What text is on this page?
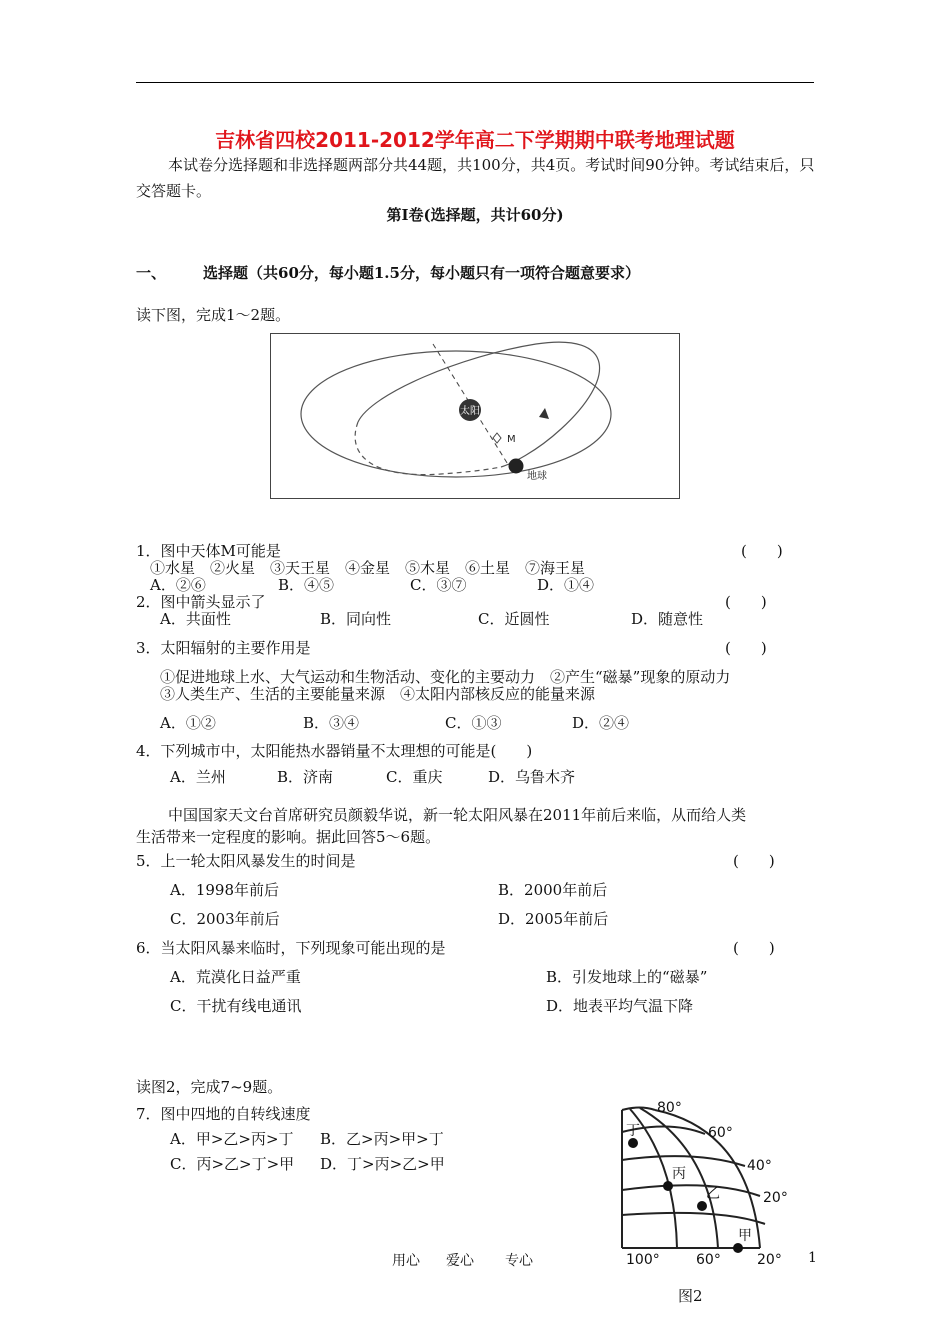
吉林省四校2011-2012学年高二下学期期中联考地理试题
本试卷分选择题和非选择题两部分共44题，共100分，共4页。考试时间90分钟。考试结束后，只交答题卡。
第Ⅰ卷(选择题，共计60分)
一、 选择题（共60分，每小题1.5分，每小题只有一项符合题意要求）
读下图，完成1～2题。
太阳
M
地球
1．图中天体M可能是	(　　)
①水星　②火星　③天王星　④金星　⑤木星　⑥土星　⑦海王星
A．②⑥	B．④⑤	C．③⑦	D．①④
2．图中箭头显示了	(　　)
A．共面性	B．同向性	C．近圆性	D．随意性
3．太阳辐射的主要作用是	(　　)
①促进地球上水、大气运动和生物活动、变化的主要动力　②产生“磁暴”现象的原动力
③人类生产、生活的主要能量来源　④太阳内部核反应的能量来源
A．①②	B．③④	C．①③	D．②④
4．下列城市中，太阳能热水器销量不太理想的可能是(　　)
A．兰州	B．济南	C．重庆	D．乌鲁木齐
中国国家天文台首席研究员颜毅华说，新一轮太阳风暴在2011年前后来临，从而给人类
生活带来一定程度的影响。据此回答5～6题。
5．上一轮太阳风暴发生的时间是	(　　)
A．1998年前后	B．2000年前后
C．2003年前后	D．2005年前后
6．当太阳风暴来临时，下列现象可能出现的是	(　　)
A．荒漠化日益严重	B．引发地球上的“磁暴”
C．干扰有线电通讯	D．地表平均气温下降
读图2，完成7~9题。
7．图中四地的自转线速度
A．甲>乙>丙>丁 B．乙>丙>甲>丁
C．丙>乙>丁>甲 D．丁>丙>乙>甲
80°
60°
40°
20°
100°	60°	20°
丁
丙
乙
甲
用心 爱心 专心	1
图2
